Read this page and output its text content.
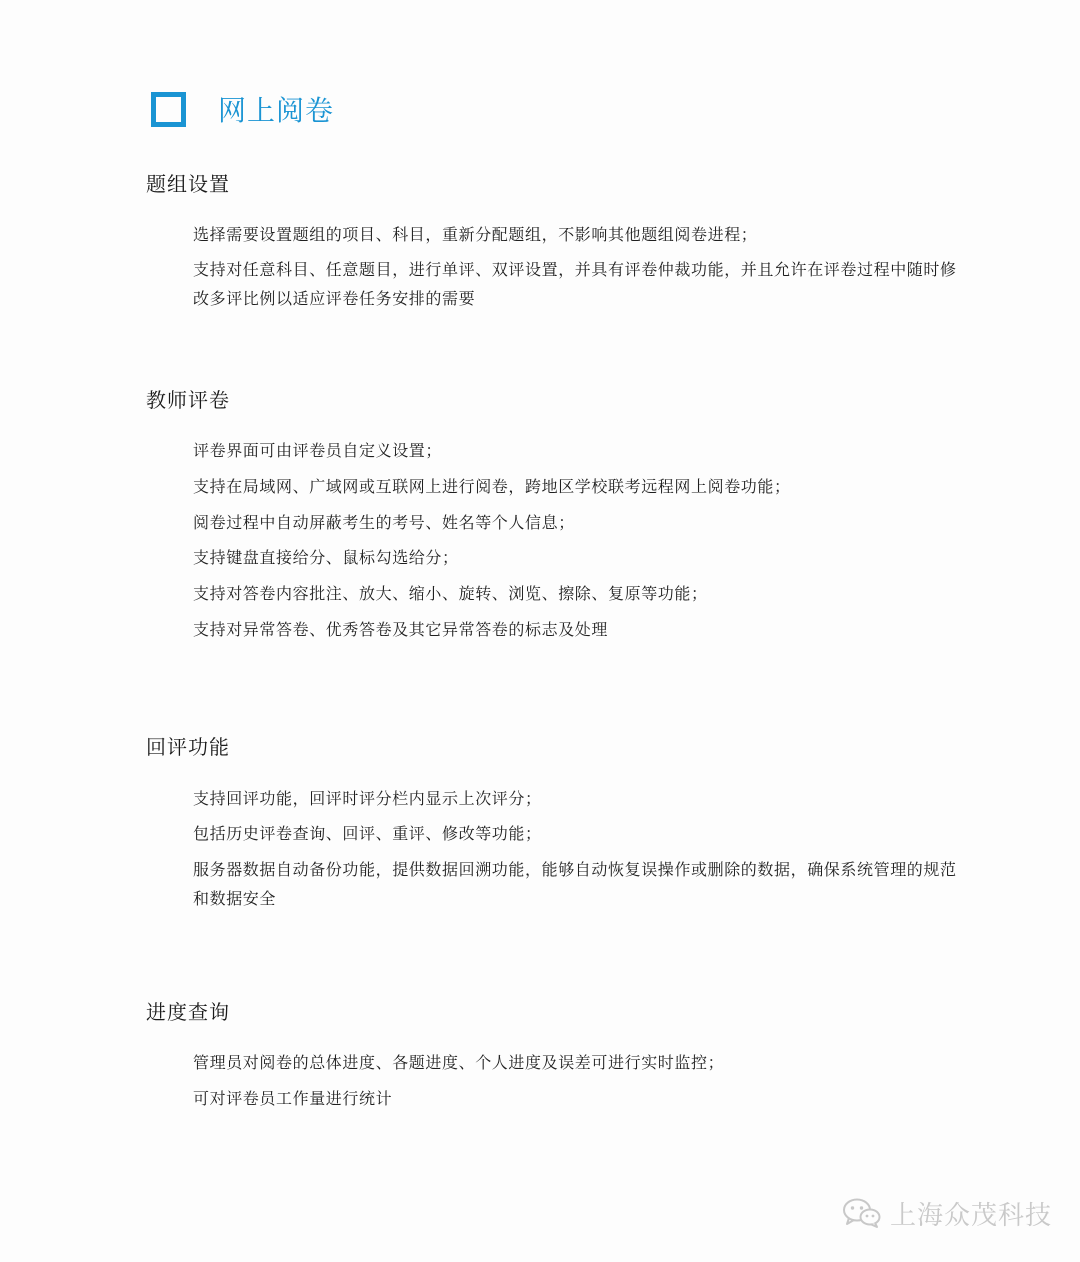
网上阅卷
题组设置
选择需要设置题组的项目、科目，重新分配题组，不影响其他题组阅卷进程；
支持对任意科目、任意题目，进行单评、双评设置，并具有评卷仲裁功能，并且允许在评卷过程中随时修改多评比例以适应评卷任务安排的需要
教师评卷
评卷界面可由评卷员自定义设置；
支持在局域网、广域网或互联网上进行阅卷，跨地区学校联考远程网上阅卷功能；
阅卷过程中自动屏蔽考生的考号、姓名等个人信息；
支持键盘直接给分、鼠标勾选给分；
支持对答卷内容批注、放大、缩小、旋转、浏览、擦除、复原等功能；
支持对异常答卷、优秀答卷及其它异常答卷的标志及处理
回评功能
支持回评功能，回评时评分栏内显示上次评分；
包括历史评卷查询、回评、重评、修改等功能；
服务器数据自动备份功能，提供数据回溯功能，能够自动恢复误操作或删除的数据，确保系统管理的规范和数据安全
进度查询
管理员对阅卷的总体进度、各题进度、个人进度及误差可进行实时监控；
可对评卷员工作量进行统计
上海众茂科技
